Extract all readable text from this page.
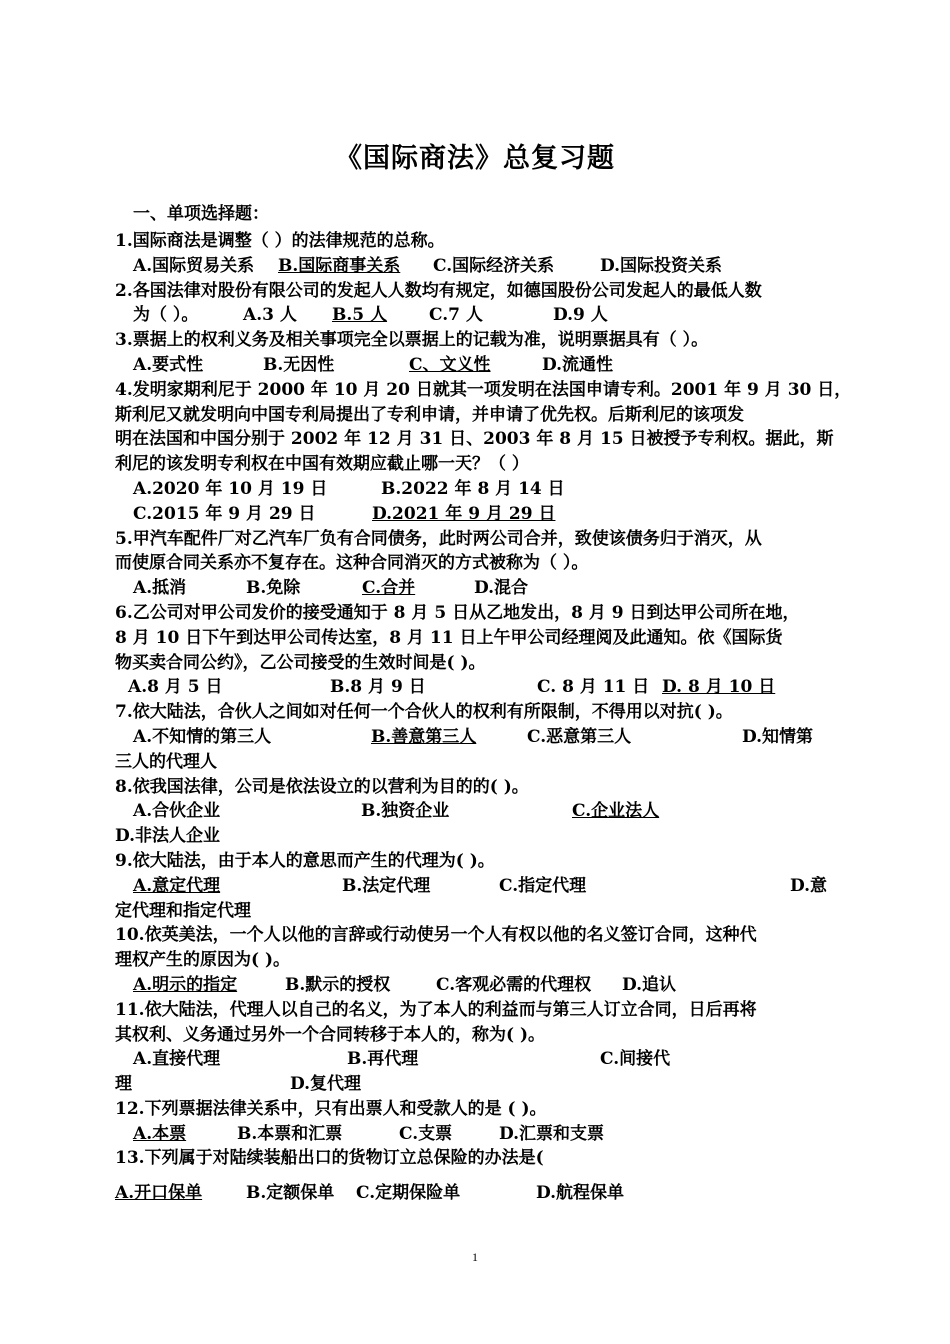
《国际商法》总复习题
一、单项选择题：
1.国际商法是调整（ ）的法律规范的总称。
A.国际贸易关系 B.国际商事关系 C.国际经济关系	D.国际投资关系
2.各国法律对股份有限公司的发起人人数均有规定，如德国股份公司发起人的最低人数
为（ ）。	A.3 人 B.5 人 C.7 人	D.9 人
3.票据上的权利义务及相关事项完全以票据上的记载为准，说明票据具有（ ）。
A.要式性	B.无因性	C、文义性	D.流通性
4.发明家期利尼于 2000 年 10 月 20 日就其一项发明在法国申请专利。2001 年 9 月 30 日，
斯利尼又就发明向中国专利局提出了专利申请，并申请了优先权。后斯利尼的该项发
明在法国和中国分别于 2002 年 12 月 31 日、2003 年 8 月 15 日被授予专利权。据此，斯
利尼的该发明专利权在中国有效期应截止哪一天？（ ）
A.2020 年 10 月 19 日	B.2022 年 8 月 14 日
C.2015 年 9 月 29 日	D.2021 年 9 月 29 日
5.甲汽车配件厂对乙汽车厂负有合同债务，此时两公司合并，致使该债务归于消灭，从
而使原合同关系亦不复存在。这种合同消灭的方式被称为（ ）。
A.抵消	B.免除	C.合并	D.混合
6.乙公司对甲公司发价的接受通知于 8 月 5 日从乙地发出，8 月 9 日到达甲公司所在地，
8 月 10 日下午到达甲公司传达室，8 月 11 日上午甲公司经理阅及此通知。依《国际货
物买卖合同公约》，乙公司接受的生效时间是( )。
A.8 月 5 日	B.8 月 9 日	C. 8 月 11 日 D. 8 月 10 日
7.依大陆法，合伙人之间如对任何一个合伙人的权利有所限制，不得用以对抗( )。
A.不知情的第三人	B.善意第三人	C.恶意第三人	D.知情第
三人的代理人
8.依我国法律，公司是依法设立的以营利为目的的( )。
A.合伙企业	B.独资企业	C.企业法人
D.非法人企业
9.依大陆法，由于本人的意思而产生的代理为( )。
A.意定代理	B.法定代理	C.指定代理	D.意
定代理和指定代理
10.依英美法，一个人以他的言辞或行动使另一个人有权以他的名义签订合同，这种代
理权产生的原因为( )。
A.明示的指定	B.默示的授权	C.客观必需的代理权 D.追认
11.依大陆法，代理人以自己的名义，为了本人的利益而与第三人订立合同，日后再将
其权利、义务通过另外一个合同转移于本人的，称为( )。
A.直接代理	B.再代理	C.间接代
理	D.复代理
12.下列票据法律关系中，只有出票人和受款人的是 ( )。
A.本票	B.本票和汇票	C.支票	D.汇票和支票
13.下列属于对陆续装船出口的货物订立总保险的办法是(
A.开口保单	B.定额保单 C.定期保险单	D.航程保单
1
